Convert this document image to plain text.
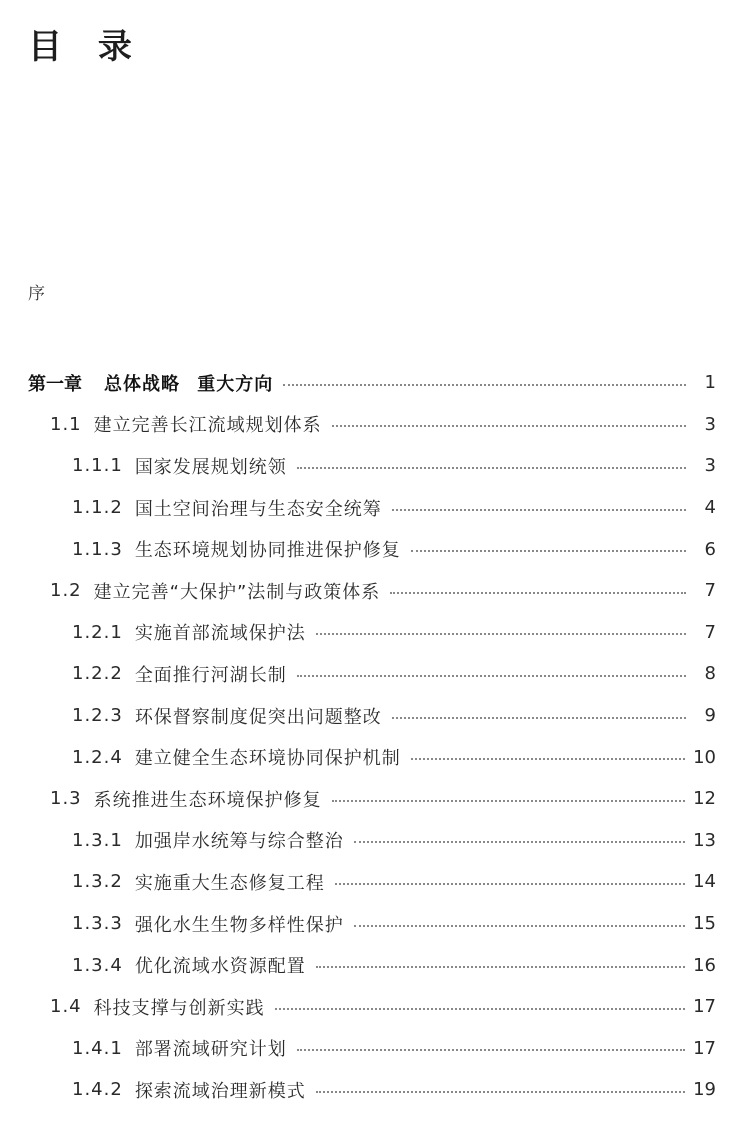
目 录
序
第一章 总体战略 重大方向	1
1.1 建立完善长江流域规划体系	3
1.1.1 国家发展规划统领	3
1.1.2 国土空间治理与生态安全统筹	4
1.1.3 生态环境规划协同推进保护修复	6
1.2 建立完善“大保护”法制与政策体系	7
1.2.1 实施首部流域保护法	7
1.2.2 全面推行河湖长制	8
1.2.3 环保督察制度促突出问题整改	9
1.2.4 建立健全生态环境协同保护机制	10
1.3 系统推进生态环境保护修复	12
1.3.1 加强岸水统筹与综合整治	13
1.3.2 实施重大生态修复工程	14
1.3.3 强化水生生物多样性保护	15
1.3.4 优化流域水资源配置	16
1.4 科技支撑与创新实践	17
1.4.1 部署流域研究计划	17
1.4.2 探索流域治理新模式	19
